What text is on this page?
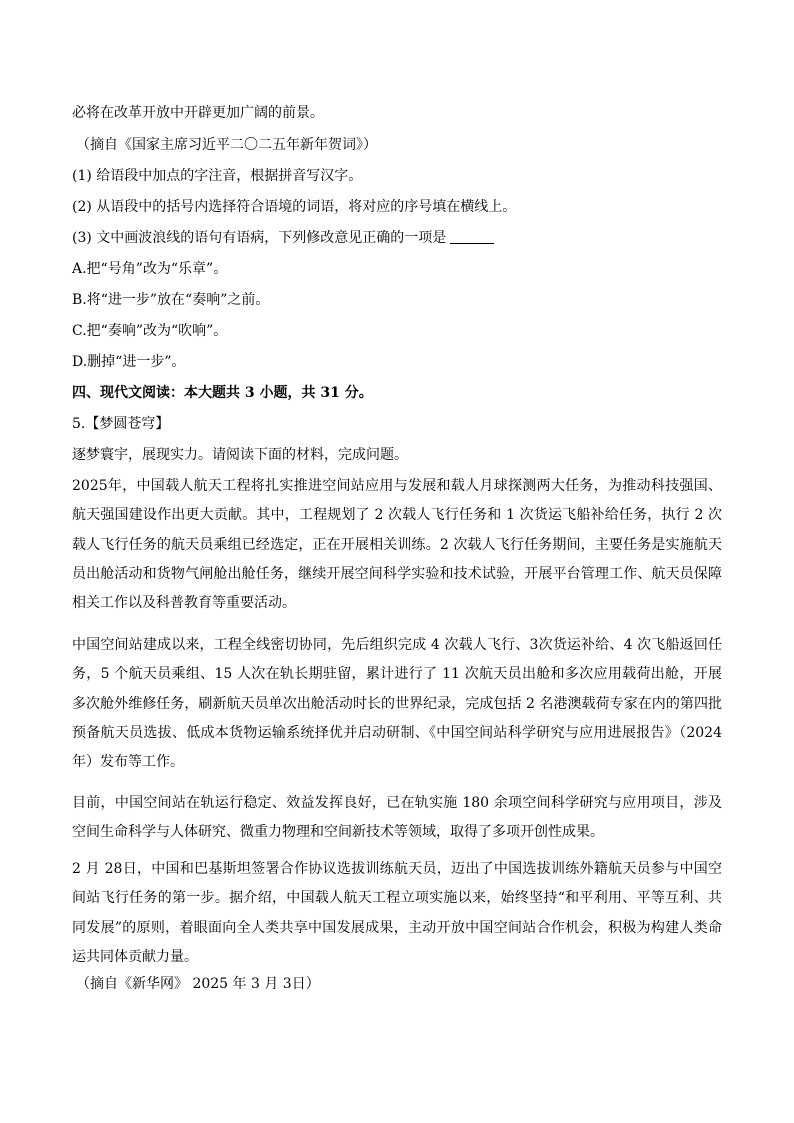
必将在改革开放中开辟更加广阔的前景。
（摘自《国家主席习近平二〇二五年新年贺词》）
(1) 给语段中加点的字注音，根据拼音写汉字。
(2) 从语段中的括号内选择符合语境的词语，将对应的序号填在横线上。
(3) 文中画波浪线的语句有语病，下列修改意见正确的一项是
A.把“号角”改为“乐章”。
B.将“进一步”放在“奏响”之前。
C.把“奏响”改为“吹响”。
D.删掉“进一步”。
四、现代文阅读：本大题共 3 小题，共 31 分。
5.【梦圆苍穹】
逐梦寰宇，展现实力。请阅读下面的材料，完成问题。
2025年，中国载人航天工程将扎实推进空间站应用与发展和载人月球探测两大任务，为推动科技强国、航天强国建设作出更大贡献。其中，工程规划了 2 次载人飞行任务和 1 次货运飞船补给任务，执行 2 次载人飞行任务的航天员乘组已经选定，正在开展相关训练。2 次载人飞行任务期间，主要任务是实施航天员出舱活动和货物气闸舱出舱任务，继续开展空间科学实验和技术试验，开展平台管理工作、航天员保障相关工作以及科普教育等重要活动。
中国空间站建成以来，工程全线密切协同，先后组织完成 4 次载人飞行、3次货运补给、4 次飞船返回任务，5 个航天员乘组、15 人次在轨长期驻留，累计进行了 11 次航天员出舱和多次应用载荷出舱，开展多次舱外维修任务，刷新航天员单次出舱活动时长的世界纪录，完成包括 2 名港澳载荷专家在内的第四批预备航天员选拔、低成本货物运输系统择优并启动研制、《中国空间站科学研究与应用进展报告》（2024 年）发布等工作。
目前，中国空间站在轨运行稳定、效益发挥良好，已在轨实施 180 余项空间科学研究与应用项目，涉及空间生命科学与人体研究、微重力物理和空间新技术等领域，取得了多项开创性成果。
2 月 28日，中国和巴基斯坦签署合作协议选拔训练航天员，迈出了中国选拔训练外籍航天员参与中国空间站飞行任务的第一步。据介绍，中国载人航天工程立项实施以来，始终坚持“和平利用、平等互利、共同发展”的原则，着眼面向全人类共享中国发展成果，主动开放中国空间站合作机会，积极为构建人类命运共同体贡献力量。
（摘自《新华网》 2025 年 3 月 3日）
